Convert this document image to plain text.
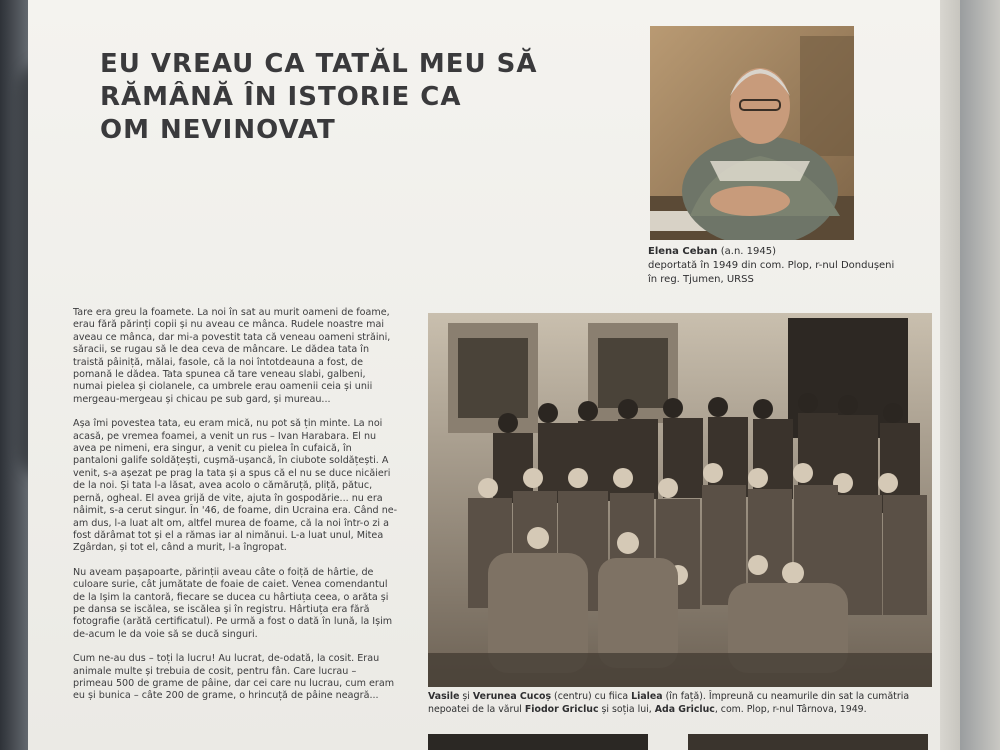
EU VREAU CA TATĂL MEU SĂ
RĂMÂNĂ ÎN ISTORIE CA
OM NEVINOVAT
Elena Ceban (a.n. 1945)
deportată în 1949 din com. Plop, r-nul Dondușeni
în reg. Tjumen, URSS

Tare era greu la foamete. La noi în sat au murit oameni de foame, erau fără părinți copii și nu aveau ce mânca. Rudele noastre mai aveau ce mânca, dar mi-a povestit tata că veneau oameni străini, săracii, se rugau să le dea ceva de mâncare. Le dădea tata în traistă pâiniță, mălai, fasole, că la noi întotdeauna a fost, de pomană le dădea. Tata spunea că tare veneau slabi, galbeni, numai pielea și ciolanele, ca umbrele erau oamenii ceia și unii mergeau-mergeau și chicau pe sub gard, și mureau...

Așa îmi povestea tata, eu eram mică, nu pot să țin minte. La noi acasă, pe vremea foamei, a venit un rus – Ivan Harabara. El nu avea pe nimeni, era singur, a venit cu pielea în cufaică, în pantaloni galife soldățești, cușmă-ușancă, în ciubote soldățești. A venit, s-a așezat pe prag la tata și a spus că el nu se duce nicăieri de la noi. Și tata l-a lăsat, avea acolo o cămăruță, pliță, pătuc, pernă, ogheal. El avea grijă de vite, ajuta în gospodărie... nu era nâimit, s-a cerut singur. În '46, de foame, din Ucraina era. Când ne-am dus, l-a luat alt om, altfel murea de foame, că la noi într-o zi a fost dărâmat tot și el a rămas iar al nimănui. L-a luat unul, Mitea Zgârdan, și tot el, când a murit, l-a îngropat.

Nu aveam pașapoarte, părinții aveau câte o foiță de hârtie, de culoare surie, cât jumătate de foaie de caiet. Venea comendantul de la Ișim la cantoră, fiecare se ducea cu hârtiuța ceea, o arăta și pe dansa se iscălea, se iscălea și în registru. Hârtiuța era fără fotografie (arătă certificatul). Pe urmă a fost o dată în lună, la Ișim de-acum le da voie să se ducă singuri.

Cum ne-au dus – toți la lucru! Au lucrat, de-odată, la cosit. Erau animale multe și trebuia de cosit, pentru fân. Care lucrau – primeau 500 de grame de pâine, dar cei care nu lucrau, cum eram eu și bunica – câte 200 de grame, o hrincuță de pâine neagră...	Vasile și Verunea Cucoș (centru) cu fiica Lialea (în față). Împreună cu neamurile din sat la cumătria nepoatei de la vărul Fiodor Gricluc și soția lui, Ada Gricluc, com. Plop, r-nul Târnova, 1949.
